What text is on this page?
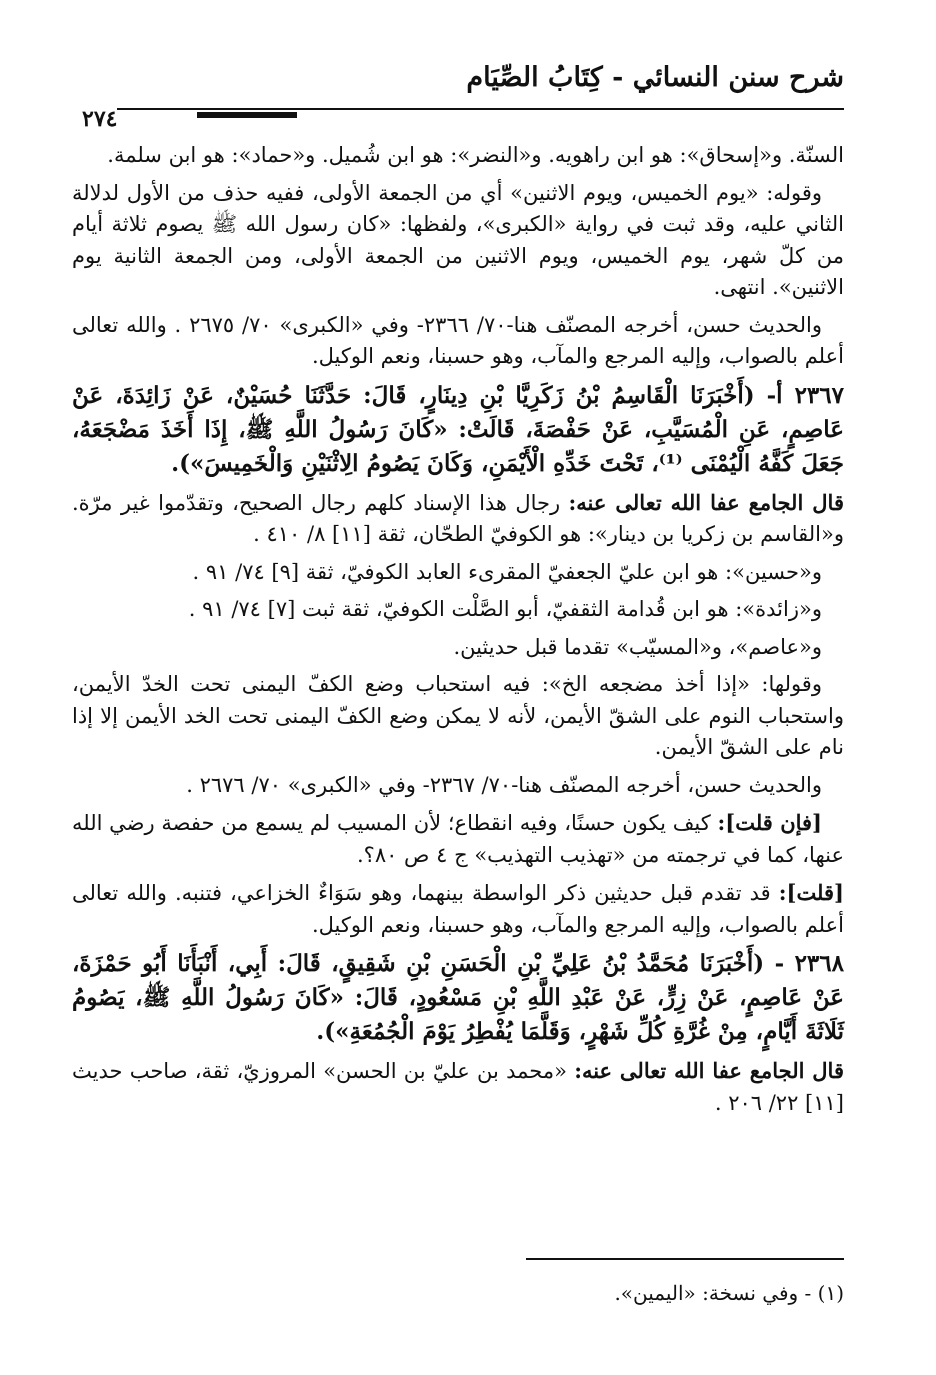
شرح سنن النسائي - كِتَابُ الصِّيَام
٢٧٤

السنّة. و«إسحاق»: هو ابن راهويه. و«النضر»: هو ابن شُميل. و«حماد»: هو ابن سلمة.

وقوله: «يوم الخميس، ويوم الاثنين» أي من الجمعة الأولى، ففيه حذف من الأول لدلالة الثاني عليه، وقد ثبت في رواية «الكبرى»، ولفظها: «كان رسول الله ﷺ يصوم ثلاثة أيام من كلّ شهر، يوم الخميس، ويوم الاثنين من الجمعة الأولى، ومن الجمعة الثانية يوم الاثنين». انتهى.

والحديث حسن، أخرجه المصنّف هنا-٧٠/ ٢٣٦٦- وفي «الكبرى» ٧٠/ ٢٦٧٥ . والله تعالى أعلم بالصواب، وإليه المرجع والمآب، وهو حسبنا، ونعم الوكيل.

٢٣٦٧ أ- (أَخْبَرَنَا الْقَاسِمُ بْنُ زَكَرِيَّا بْنِ دِينَارٍ، قَالَ: حَدَّثَنَا حُسَيْنٌ، عَنْ زَائِدَةَ، عَنْ عَاصِمٍ، عَنِ الْمُسَيَّبِ، عَنْ حَفْصَةَ، قَالَتْ: «كَانَ رَسُولُ اللَّهِ ﷺ، إِذَا أَخَذَ مَضْجَعَهُ، جَعَلَ كَفَّهُ الْيُمْنَى ⁽¹⁾، تَحْتَ خَدِّهِ الْأَيْمَنِ، وَكَانَ يَصُومُ الِاثْنَيْنِ وَالْخَمِيسَ»).

قال الجامع عفا الله تعالى عنه: رجال هذا الإسناد كلهم رجال الصحيح، وتقدّموا غير مرّة. و«القاسم بن زكريا بن دينار»: هو الكوفيّ الطحّان، ثقة [١١] ٨/ ٤١٠ .

و«حسين»: هو ابن عليّ الجعفيّ المقرىء العابد الكوفيّ، ثقة [٩] ٧٤/ ٩١ .

و«زائدة»: هو ابن قُدامة الثقفيّ، أبو الصَّلْت الكوفيّ، ثقة ثبت [٧] ٧٤/ ٩١ .

و«عاصم»، و«المسيّب» تقدما قبل حديثين.

وقولها: «إذا أخذ مضجعه الخ»: فيه استحباب وضع الكفّ اليمنى تحت الخدّ الأيمن، واستحباب النوم على الشقّ الأيمن، لأنه لا يمكن وضع الكفّ اليمنى تحت الخد الأيمن إلا إذا نام على الشقّ الأيمن.

والحديث حسن، أخرجه المصنّف هنا-٧٠/ ٢٣٦٧- وفي «الكبرى» ٧٠/ ٢٦٧٦ .

[فإن قلت]: كيف يكون حسنًا، وفيه انقطاع؛ لأن المسيب لم يسمع من حفصة رضي الله عنها، كما في ترجمته من «تهذيب التهذيب» ج ٤ ص ٨٠؟.

[قلت]: قد تقدم قبل حديثين ذكر الواسطة بينهما، وهو سَوَاءٌ الخزاعي، فتنبه. والله تعالى أعلم بالصواب، وإليه المرجع والمآب، وهو حسبنا، ونعم الوكيل.

٢٣٦٨ - (أَخْبَرَنَا مُحَمَّدُ بْنُ عَلِيِّ بْنِ الْحَسَنِ بْنِ شَقِيقٍ، قَالَ: أَبِي، أَنْبَأَنَا أَبُو حَمْزَةَ، عَنْ عَاصِمٍ، عَنْ زِرٍّ، عَنْ عَبْدِ اللَّهِ بْنِ مَسْعُودٍ، قَالَ: «كَانَ رَسُولُ اللَّهِ ﷺ، يَصُومُ ثَلَاثَةَ أَيَّامٍ، مِنْ غُرَّةِ كُلِّ شَهْرٍ، وَقَلَّمَا يُفْطِرُ يَوْمَ الْجُمُعَةِ»).

قال الجامع عفا الله تعالى عنه: «محمد بن عليّ بن الحسن» المروزيّ، ثقة، صاحب حديث [١١] ٢٢/ ٢٠٦ .

(١) - وفي نسخة: «اليمين».
